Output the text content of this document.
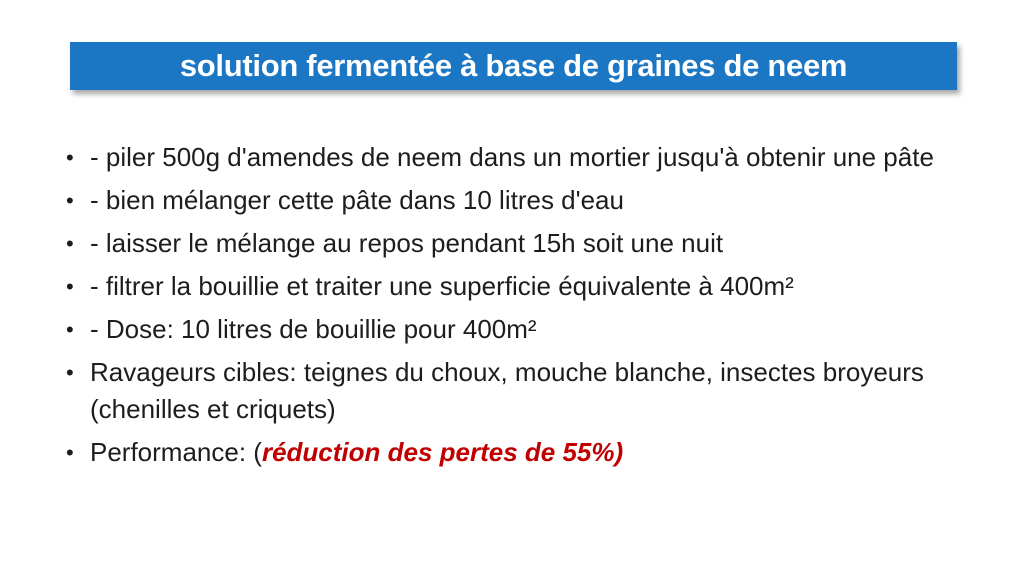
solution fermentée à base de graines de neem
• - piler 500g d'amendes de neem dans un mortier jusqu'à obtenir une pâte
• - bien mélanger cette pâte dans 10 litres d'eau
• - laisser le mélange au repos pendant 15h soit une nuit
• - filtrer la bouillie et traiter une superficie équivalente à 400m²
• - Dose: 10 litres de bouillie pour 400m²
• Ravageurs cibles: teignes du choux, mouche blanche, insectes broyeurs (chenilles et criquets)
• Performance: (réduction des pertes de 55%)
